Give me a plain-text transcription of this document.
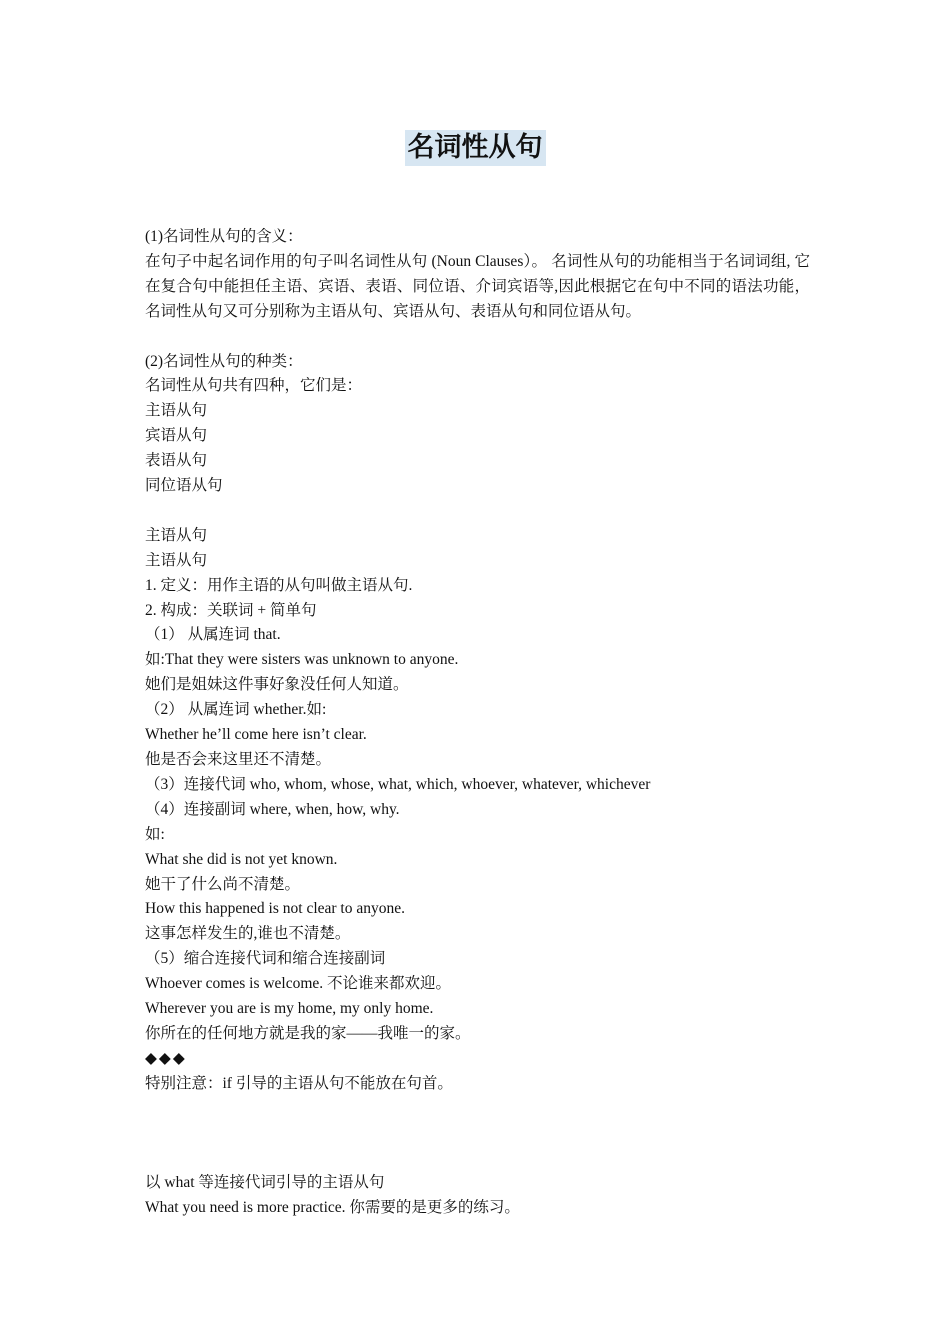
名词性从句
(1)名词性从句的含义：
在句子中起名词作用的句子叫名词性从句 (Noun Clauses）。 名词性从句的功能相当于名词词组, 它在复合句中能担任主语、宾语、表语、同位语、介词宾语等,因此根据它在句中不同的语法功能，名词性从句又可分别称为主语从句、宾语从句、表语从句和同位语从句。
(2)名词性从句的种类：
名词性从句共有四种，它们是：
主语从句
宾语从句
表语从句
同位语从句
主语从句
主语从句
1. 定义：用作主语的从句叫做主语从句.
2. 构成：关联词 + 简单句
（1） 从属连词 that.
如:That they were sisters was unknown to anyone.
她们是姐妹这件事好象没任何人知道。
（2） 从属连词 whether.如:
Whether he’ll come here isn’t clear.
他是否会来这里还不清楚。
（3）连接代词 who, whom, whose, what, which, whoever, whatever, whichever
（4）连接副词 where, when, how, why.
如:
What she did is not yet known.
她干了什么尚不清楚。
How this happened is not clear to anyone.
这事怎样发生的,谁也不清楚。
（5）缩合连接代词和缩合连接副词
Whoever comes is welcome. 不论谁来都欢迎。
Wherever you are is my home, my only home.
你所在的任何地方就是我的家——我唯一的家。
◆◆◆
特别注意：if 引导的主语从句不能放在句首。
以 what 等连接代词引导的主语从句
What you need is more practice. 你需要的是更多的练习。
